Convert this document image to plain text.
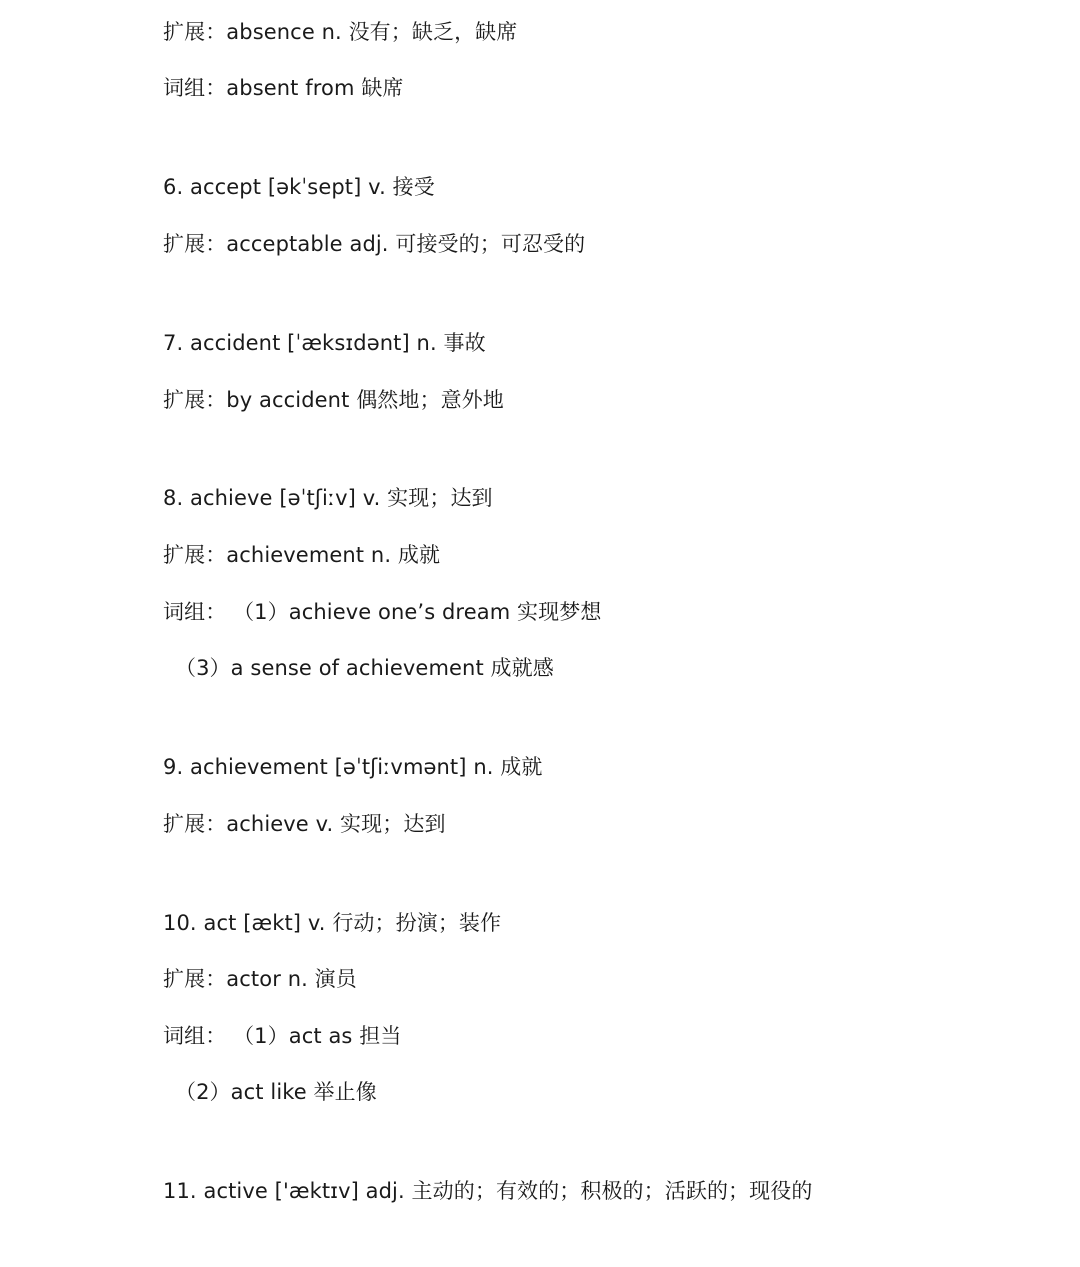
扩展：absence n. 没有；缺乏，缺席
词组：absent from 缺席
6. accept [əkˈsept] v. 接受
扩展：acceptable adj. 可接受的；可忍受的
7. accident [ˈæksɪdənt] n. 事故
扩展：by accident 偶然地；意外地
8. achieve [əˈtʃiːv] v. 实现；达到
扩展：achievement n. 成就
词组： （1）achieve one’s dream 实现梦想
（3）a sense of achievement 成就感
9. achievement [əˈtʃiːvmənt] n. 成就
扩展：achieve v. 实现；达到
10. act [ækt] v. 行动；扮演；装作
扩展：actor n. 演员
词组： （1）act as 担当
（2）act like 举止像
11. active ['æktɪv] adj. 主动的；有效的；积极的；活跃的；现役的
